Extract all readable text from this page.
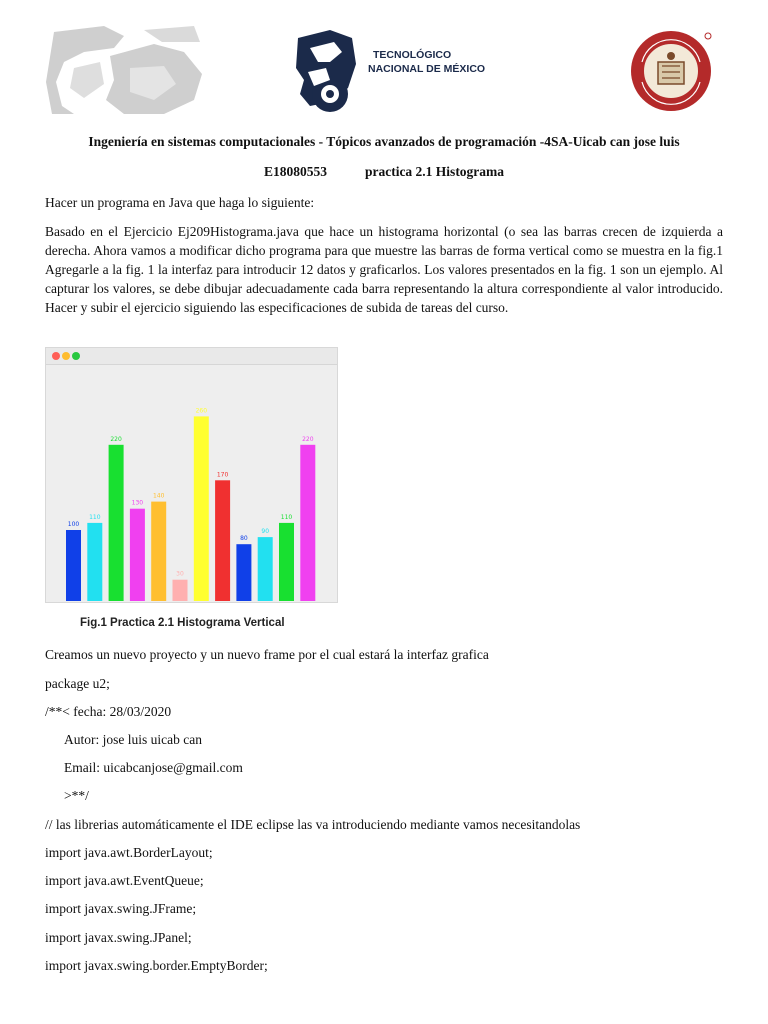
TECNOLÓGICO
NACIONAL DE MÉXICO
Ingeniería en sistemas computacionales - Tópicos avanzados de programación -4SA-Uicab can jose luis
E18080553	practica 2.1 Histograma
Hacer un programa en Java que haga lo siguiente:
Basado en el Ejercicio Ej209Histograma.java que hace un histograma horizontal (o sea las barras crecen de izquierda a derecha. Ahora vamos a modificar dicho programa para que muestre las barras de forma vertical como se muestra en la fig.1 Agregarle a la fig. 1 la interfaz para introducir 12 datos y graficarlos. Los valores presentados en la fig. 1 son un ejemplo. Al capturar los valores, se debe dibujar adecuadamente cada barra representando la altura correspondiente al valor introducido. Hacer y subir el ejercicio siguiendo las especificaciones de subida de tareas del curso.
100
110
220
130
140
30
260
170
80
90
110
220
Fig.1 Practica 2.1 Histograma Vertical
Creamos un nuevo proyecto y un nuevo frame por el cual estará la interfaz grafica
package u2;
/**< fecha: 28/03/2020
Autor: jose luis uicab can
Email: uicabcanjose@gmail.com
>**/
// las librerias automáticamente el IDE eclipse las va introduciendo mediante vamos necesitandolas
import java.awt.BorderLayout;
import java.awt.EventQueue;
import javax.swing.JFrame;
import javax.swing.JPanel;
import javax.swing.border.EmptyBorder;
